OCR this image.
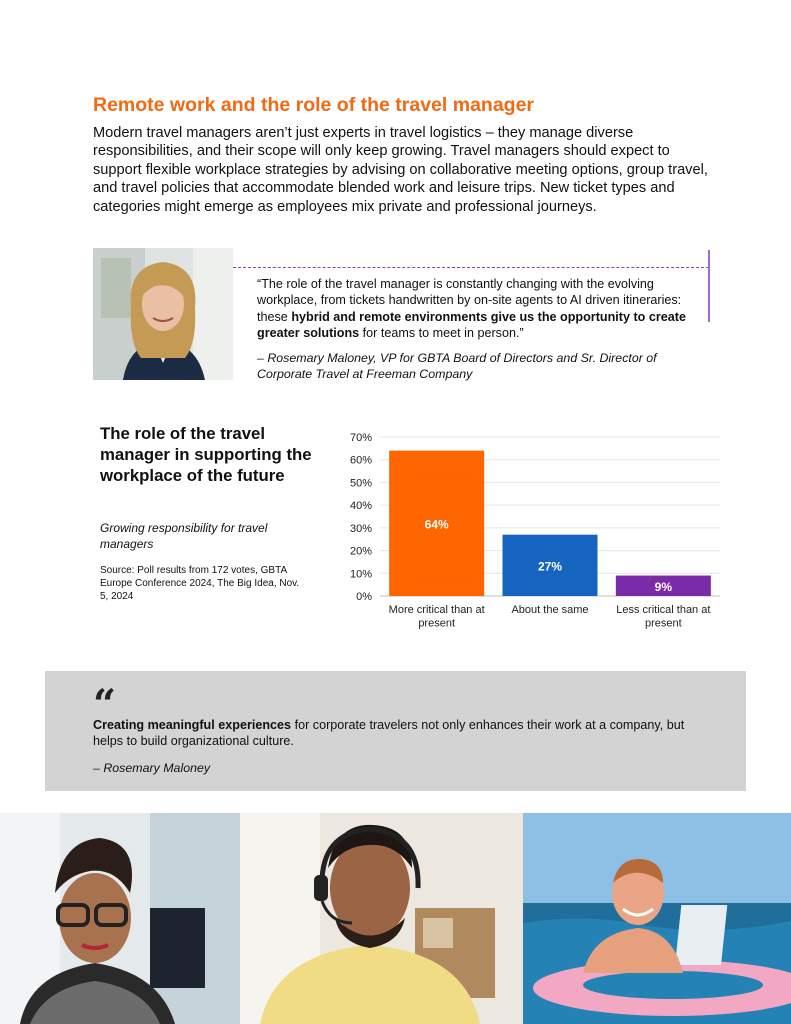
Remote work and the role of the travel manager
Modern travel managers aren’t just experts in travel logistics – they manage diverse responsibilities, and their scope will only keep growing. Travel managers should expect to support flexible workplace strategies by advising on collaborative meeting options, group travel, and travel policies that accommodate blended work and leisure trips. New ticket types and categories might emerge as employees mix private and professional journeys.
“The role of the travel manager is constantly changing with the evolving workplace, from tickets handwritten by on-site agents to AI driven itineraries: these hybrid and remote environments give us the opportunity to create greater solutions for teams to meet in person.”
– Rosemary Maloney, VP for GBTA Board of Directors and Sr. Director of Corporate Travel at Freeman Company
The role of the travel manager in supporting the workplace of the future
Growing responsibility for travel managers
Source: Poll results from 172 votes, GBTA Europe Conference 2024, The Big Idea, Nov. 5, 2024	0%
10%
20%
30%
40%
50%
60%
70%
64%
More critical than at
present
27%
About the same
9%
Less critical than at
present
“
Creating meaningful experiences for corporate travelers not only enhances their work at a company, but helps to build organizational culture.
– Rosemary Maloney
